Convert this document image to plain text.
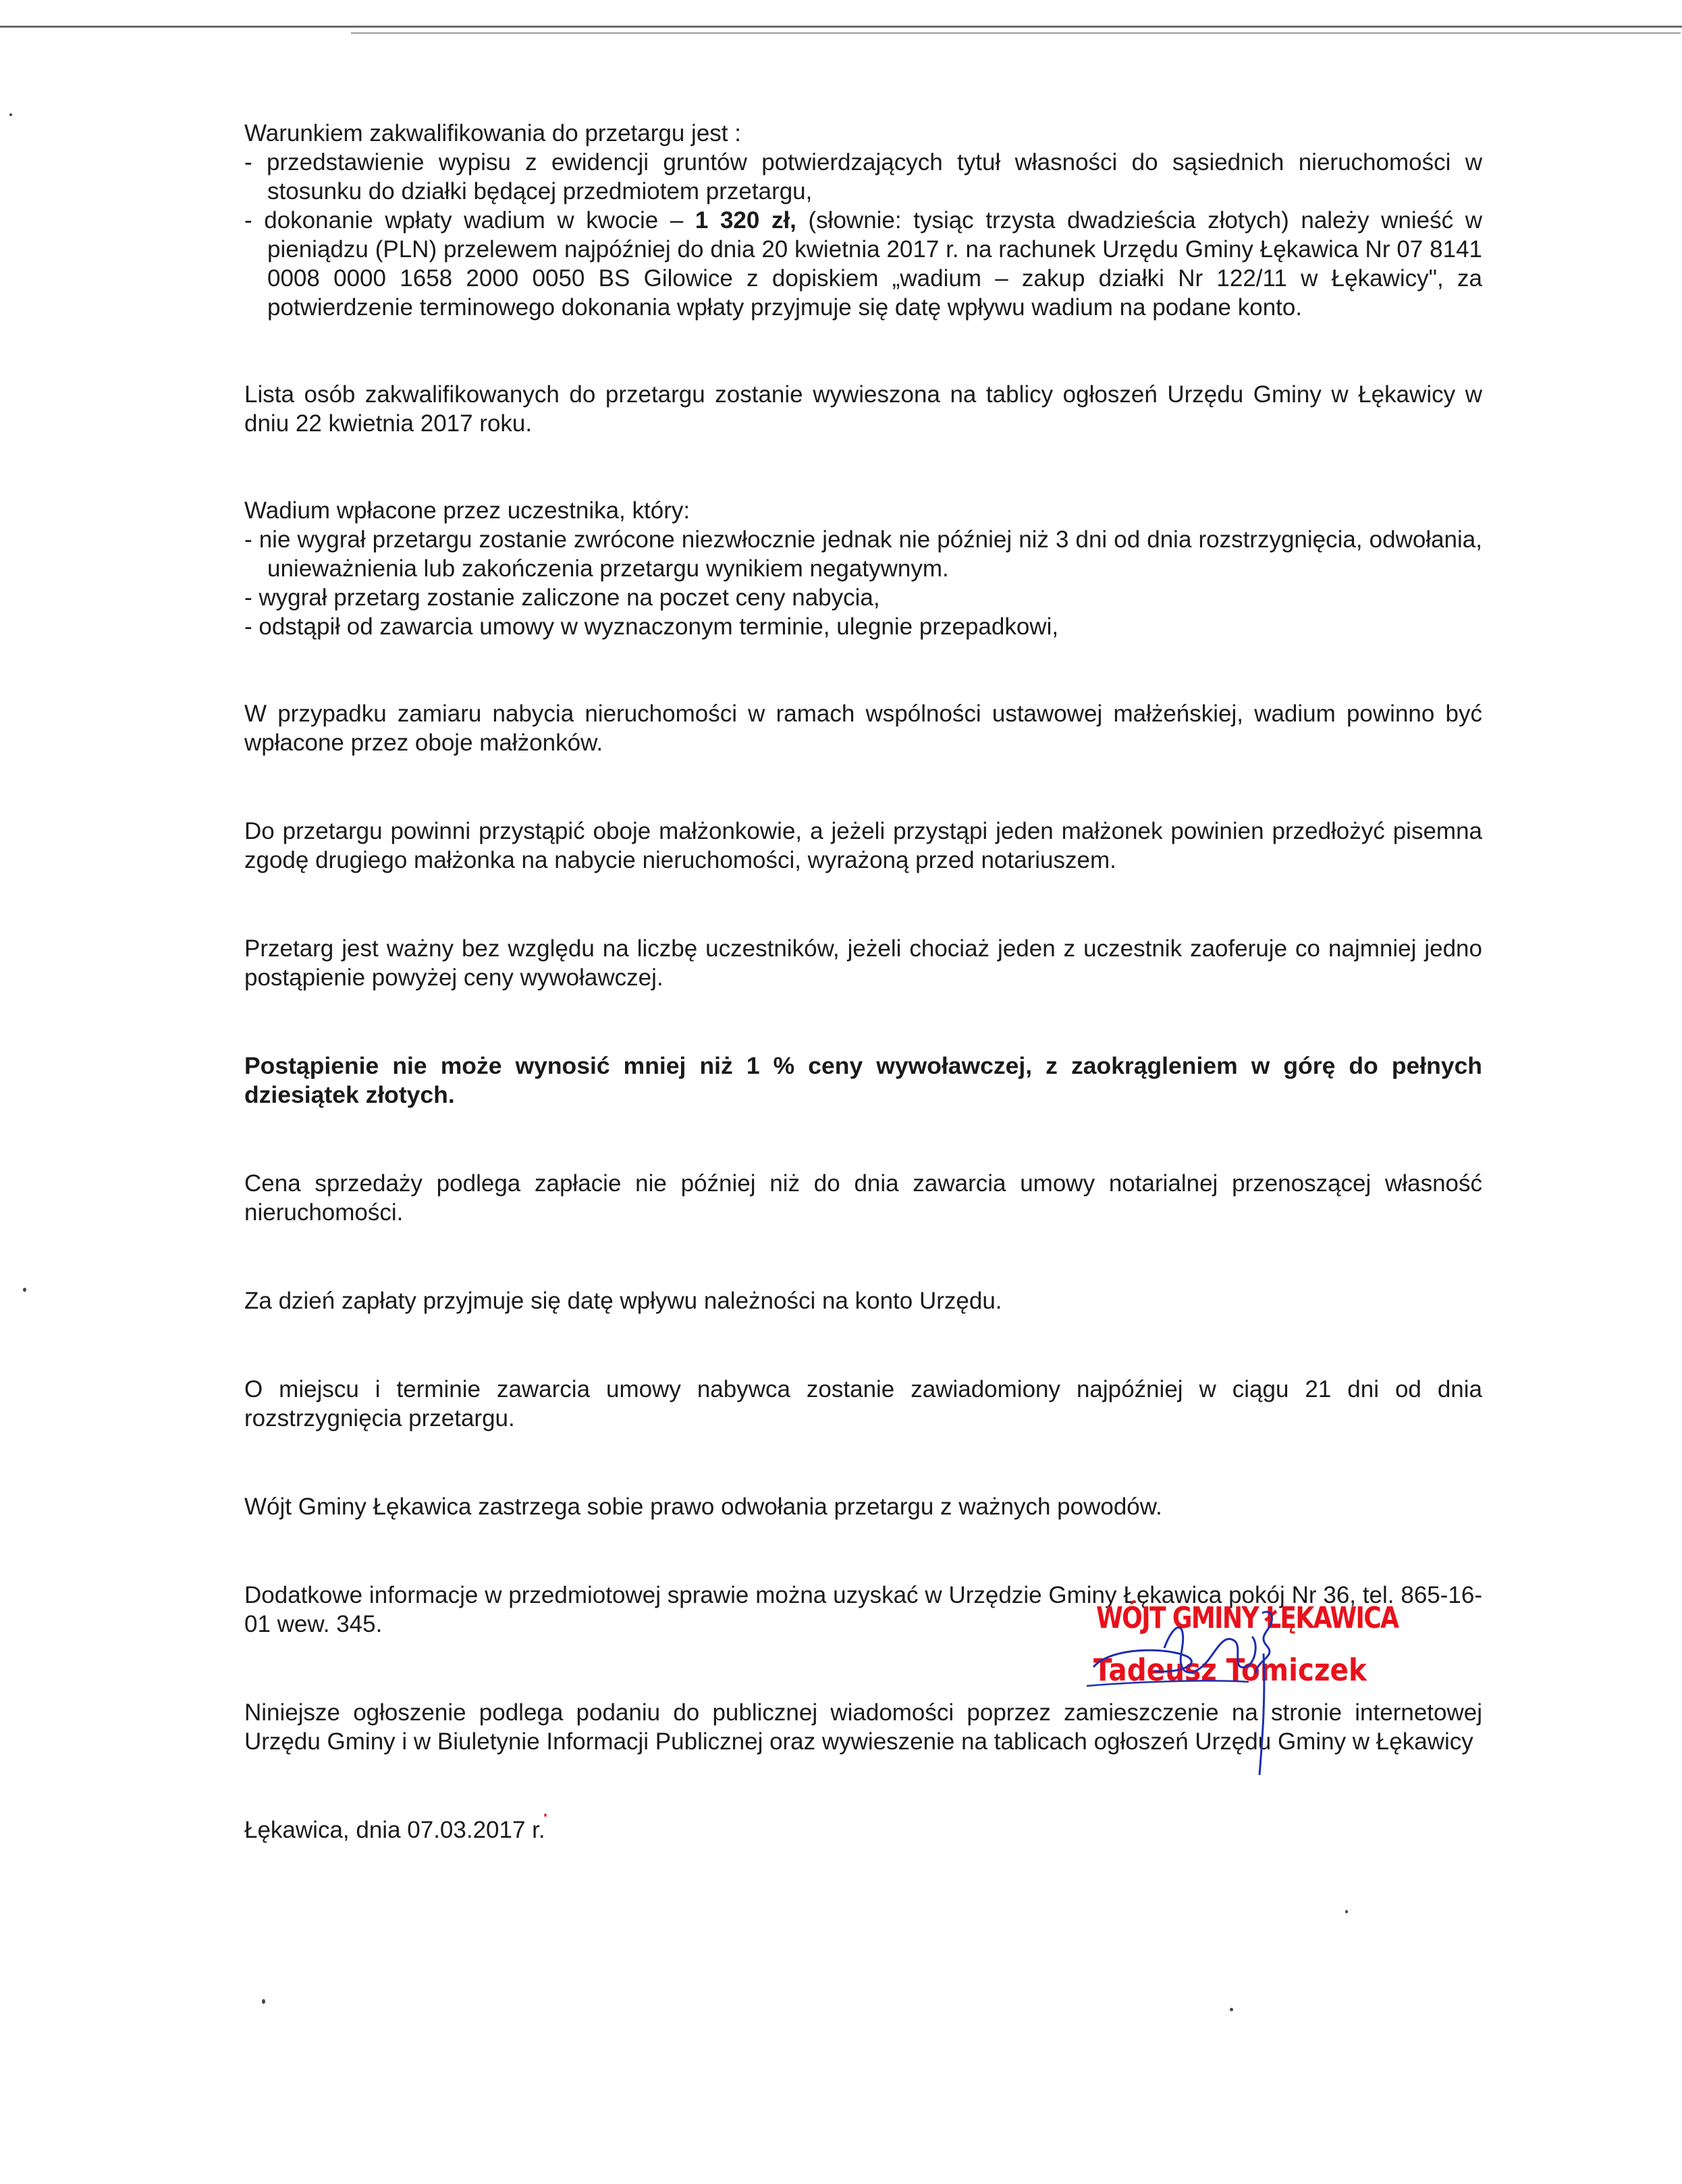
Warunkiem zakwalifikowania do przetargu jest :

- przedstawienie wypisu z ewidencji gruntów potwierdzających tytuł własności do sąsiednich nieruchomości w stosunku do działki będącej przedmiotem przetargu,

- dokonanie wpłaty wadium w kwocie – 1 320 zł, (słownie: tysiąc trzysta dwadzieścia złotych) należy wnieść w pieniądzu (PLN) przelewem najpóźniej do dnia 20 kwietnia 2017 r. na rachunek Urzędu Gminy Łękawica Nr 07 8141 0008 0000 1658 2000 0050 BS Gilowice z dopiskiem „wadium – zakup działki Nr 122/11 w Łękawicy", za potwierdzenie terminowego dokonania wpłaty przyjmuje się datę wpływu wadium na podane konto.

Lista osób zakwalifikowanych do przetargu zostanie wywieszona na tablicy ogłoszeń Urzędu Gminy w Łękawicy w dniu 22 kwietnia 2017 roku.

Wadium wpłacone przez uczestnika, który:

- nie wygrał przetargu zostanie zwrócone niezwłocznie jednak nie później niż 3 dni od dnia rozstrzygnięcia, odwołania, unieważnienia lub zakończenia przetargu wynikiem negatywnym.

- wygrał przetarg zostanie zaliczone na poczet ceny nabycia,

- odstąpił od zawarcia umowy w wyznaczonym terminie, ulegnie przepadkowi,

W przypadku zamiaru nabycia nieruchomości w ramach wspólności ustawowej małżeńskiej, wadium powinno być wpłacone przez oboje małżonków.

Do przetargu powinni przystąpić oboje małżonkowie, a jeżeli przystąpi jeden małżonek powinien przedłożyć pisemna zgodę drugiego małżonka na nabycie nieruchomości, wyrażoną przed notariuszem.

Przetarg jest ważny bez względu na liczbę uczestników, jeżeli chociaż jeden z uczestnik zaoferuje co najmniej jedno postąpienie powyżej ceny wywoławczej.

Postąpienie nie może wynosić mniej niż 1 % ceny wywoławczej, z zaokrągleniem w górę do pełnych dziesiątek złotych.

Cena sprzedaży podlega zapłacie nie później niż do dnia zawarcia umowy notarialnej przenoszącej własność nieruchomości.

Za dzień zapłaty przyjmuje się datę wpływu należności na konto Urzędu.

O miejscu i terminie zawarcia umowy nabywca zostanie zawiadomiony najpóźniej w ciągu 21 dni od dnia rozstrzygnięcia przetargu.

Wójt Gminy Łękawica zastrzega sobie prawo odwołania przetargu z ważnych powodów.

Dodatkowe informacje w przedmiotowej sprawie można uzyskać w Urzędzie Gminy Łękawica pokój Nr 36, tel. 865-16-01 wew. 345.

Niniejsze ogłoszenie podlega podaniu do publicznej wiadomości poprzez zamieszczenie na stronie internetowej Urzędu Gminy i w Biuletynie Informacji Publicznej oraz wywieszenie na tablicach ogłoszeń Urzędu Gminy w Łękawicy

Łękawica, dnia 07.03.2017 r.

WÓJT GMINY ŁĘKAWICA
Tadeusz Tomiczek
